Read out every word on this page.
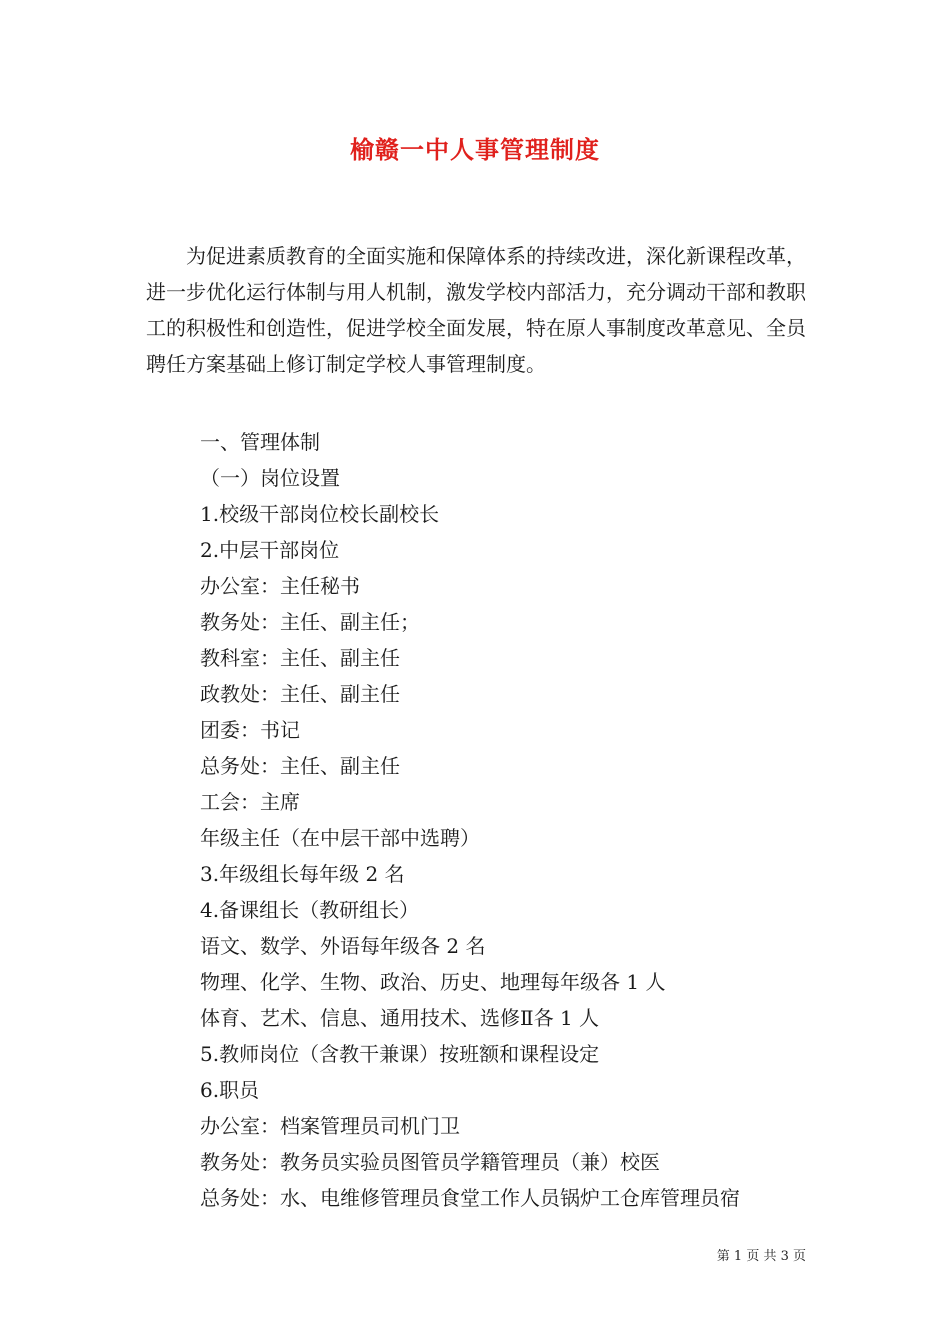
榆赣一中人事管理制度

为促进素质教育的全面实施和保障体系的持续改进，深化新课程改革，进一步优化运行体制与用人机制，激发学校内部活力，充分调动干部和教职工的积极性和创造性，促进学校全面发展，特在原人事制度改革意见、全员聘任方案基础上修订制定学校人事管理制度。

一、管理体制
（一）岗位设置
1.校级干部岗位校长副校长
2.中层干部岗位
办公室：主任秘书
教务处：主任、副主任；
教科室：主任、副主任
政教处：主任、副主任
团委：书记
总务处：主任、副主任
工会：主席
年级主任（在中层干部中选聘）
3.年级组长每年级 2 名
4.备课组长（教研组长）
语文、数学、外语每年级各 2 名
物理、化学、生物、政治、历史、地理每年级各 1 人
体育、艺术、信息、通用技术、选修Ⅱ各 1 人
5.教师岗位（含教干兼课）按班额和课程设定
6.职员
办公室：档案管理员司机门卫
教务处：教务员实验员图管员学籍管理员（兼）校医
总务处：水、电维修管理员食堂工作人员锅炉工仓库管理员宿
第 1 页 共 3 页
